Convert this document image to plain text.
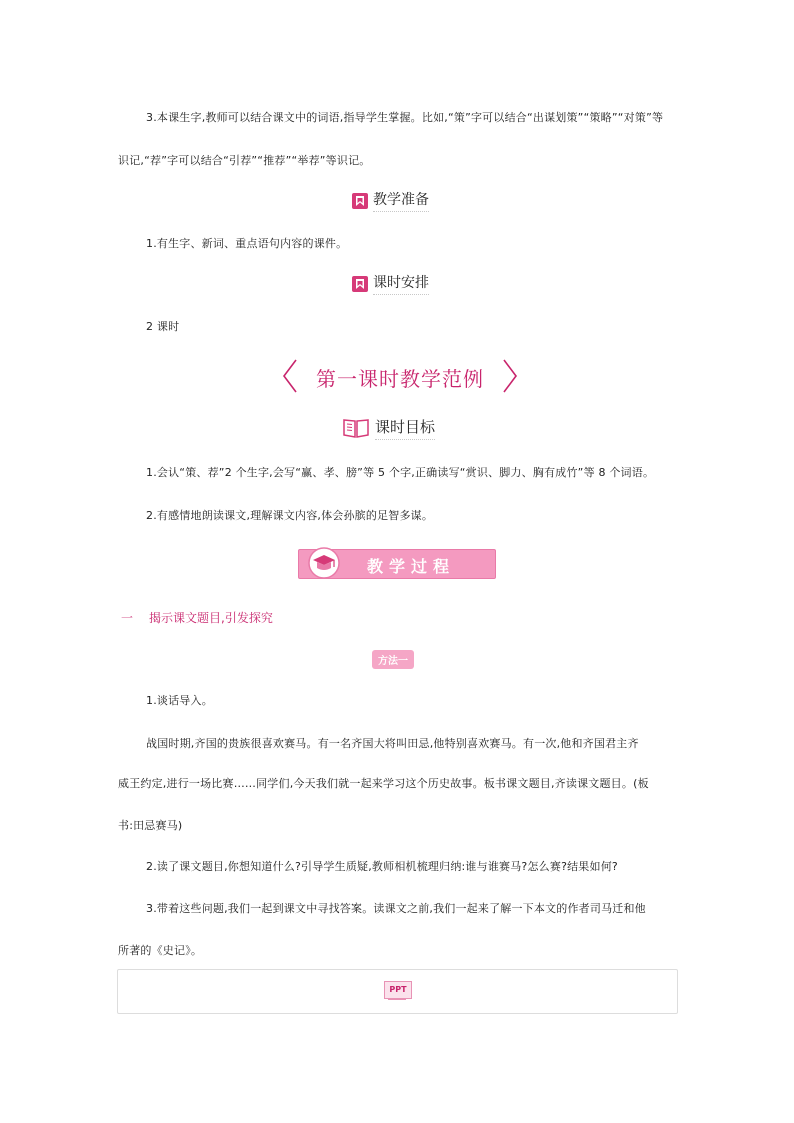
3.本课生字,教师可以结合课文中的词语,指导学生掌握。比如,“策”字可以结合“出谋划策”“策略”“对策”等
识记,“荐”字可以结合“引荐”“推荐”“举荐”等识记。
教学准备
1.有生字、新词、重点语句内容的课件。
课时安排
2 课时
第一课时教学范例
课时目标
1.会认“策、荐”2 个生字,会写“赢、孝、膀”等 5 个字,正确读写“赏识、脚力、胸有成竹”等 8 个词语。
2.有感情地朗读课文,理解课文内容,体会孙膑的足智多谋。
教学过程
一 揭示课文题目,引发探究
方法一
1.谈话导入。
战国时期,齐国的贵族很喜欢赛马。有一名齐国大将叫田忌,他特别喜欢赛马。有一次,他和齐国君主齐
威王约定,进行一场比赛……同学们,今天我们就一起来学习这个历史故事。板书课文题目,齐读课文题目。(板
书:田忌赛马)
2.读了课文题目,你想知道什么?引导学生质疑,教师相机梳理归纳:谁与谁赛马?怎么赛?结果如何?
3.带着这些问题,我们一起到课文中寻找答案。读课文之前,我们一起来了解一下本文的作者司马迁和他
所著的《史记》。
PPT
